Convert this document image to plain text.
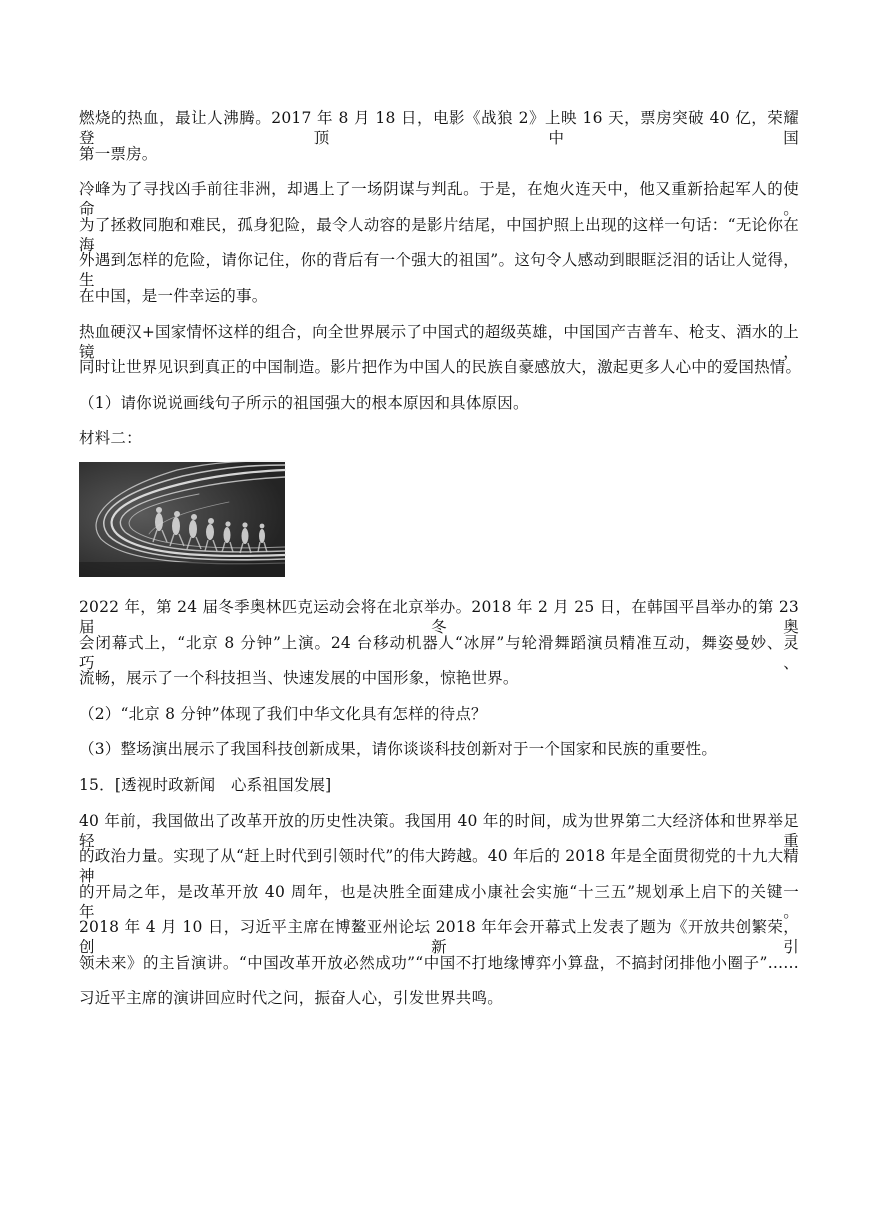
燃烧的热血，最让人沸腾。2017 年 8 月 18 日，电影《战狼 2》上映 16 天，票房突破 40 亿，荣耀登顶中国
第一票房。
冷峰为了寻找凶手前往非洲，却遇上了一场阴谋与判乱。于是，在炮火连天中，他又重新拾起军人的使命。
为了拯救同胞和难民，孤身犯险，最令人动容的是影片结尾，中国护照上出现的这样一句话：“无论你在海
外遇到怎样的危险，请你记住，你的背后有一个强大的祖国”。这句令人感动到眼眶泛泪的话让人觉得，生
在中国，是一件幸运的事。
热血硬汉+国家情怀这样的组合，向全世界展示了中国式的超级英雄，中国国产吉普车、枪支、酒水的上镜，
同时让世界见识到真正的中国制造。影片把作为中国人的民族自豪感放大，激起更多人心中的爱国热情。
（1）请你说说画线句子所示的祖国强大的根本原因和具体原因。
材料二：
2022 年，第 24 届冬季奥林匹克运动会将在北京举办。2018 年 2 月 25 日，在韩国平昌举办的第 23 届冬奥
会闭幕式上，“北京 8 分钟”上演。24 台移动机器人“冰屏”与轮滑舞蹈演员精准互动，舞姿曼妙、灵巧、
流畅，展示了一个科技担当、快速发展的中国形象，惊艳世界。
（2）“北京 8 分钟”体现了我们中华文化具有怎样的待点？
（3）整场演出展示了我国科技创新成果，请你谈谈科技创新对于一个国家和民族的重要性。
15．[透视时政新闻　心系祖国发展]
40 年前，我国做出了改革开放的历史性决策。我国用 40 年的时间，成为世界第二大经济体和世界举足轻重
的政治力量。实现了从“赶上时代到引领时代”的伟大跨越。40 年后的 2018 年是全面贯彻党的十九大精神
的开局之年，是改革开放 40 周年，也是决胜全面建成小康社会实施“十三五”规划承上启下的关键一年。
2018 年 4 月 10 日，习近平主席在博鳌亚州论坛 2018 年年会开幕式上发表了题为《开放共创繁荣，创新引
领未来》的主旨演讲。“中国改革开放必然成功”“中国不打地缘博弈小算盘，不搞封闭排他小圈子”……
习近平主席的演讲回应时代之问，振奋人心，引发世界共鸣。
